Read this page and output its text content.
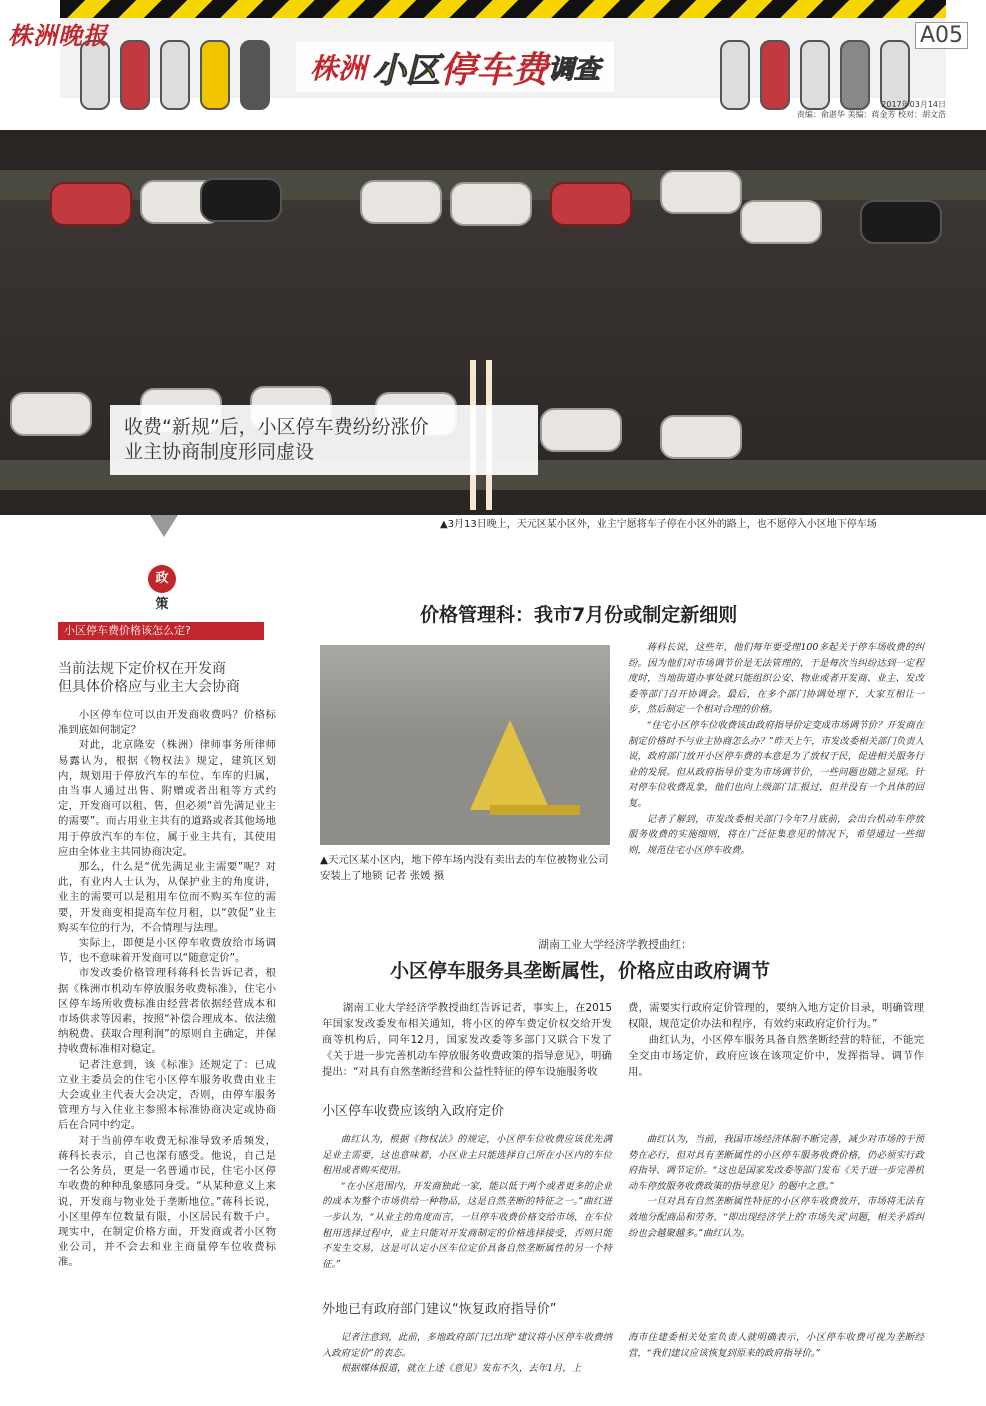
株洲晚报	A05
株洲 小区 停车费 调查
2017年03月14日
责编：俞湛华 美编：蒋金芳 校对：胡文浩

收费“新规”后，小区停车费纷纷涨价

业主协商制度形同虚设

▲3月13日晚上，天元区某小区外，业主宁愿将车子停在小区外的路上，也不愿停入小区地下停车场
政
策
小区停车费价格该怎么定?
当前法规下定价权在开发商
但具体价格应与业主大会协商

小区停车位可以由开发商收费吗？价格标准到底如何制定？

对此，北京隆安（株洲）律师事务所律师易露认为，根据《物权法》规定，建筑区划内，规划用于停放汽车的车位、车库的归属，由当事人通过出售、附赠或者出租等方式约定，开发商可以租、售，但必须“首先满足业主的需要”。而占用业主共有的道路或者其他场地用于停放汽车的车位，属于业主共有，其使用应由全体业主共同协商决定。

那么，什么是“优先满足业主需要”呢？对此，有业内人士认为，从保护业主的角度讲，业主的需要可以是租用车位而不购买车位的需要，开发商变相提高车位月租，以“敦促”业主购买车位的行为，不合情理与法理。

实际上，即便是小区停车收费放给市场调节，也不意味着开发商可以“随意定价”。

市发改委价格管理科蒋科长告诉记者，根据《株洲市机动车停放服务收费标准》，住宅小区停车场所收费标准由经营者依据经营成本和市场供求等因素，按照“补偿合理成本、依法缴纳税费、获取合理利润”的原则自主确定，并保持收费标准相对稳定。

记者注意到，该《标准》还规定了：已成立业主委员会的住宅小区停车服务收费由业主大会或业主代表大会决定，否则，由停车服务管理方与入住业主参照本标准协商决定或协商后在合同中约定。

对于当前停车收费无标准导致矛盾频发，蒋科长表示，自己也深有感受。他说，自己是一名公务员，更是一名普通市民，住宅小区停车收费的种种乱象感同身受。“从某种意义上来说，开发商与物业处于垄断地位。”蒋科长说，小区里停车位数量有限，小区居民有数千户。现实中，在制定价格方面，开发商或者小区物业公司，并不会去和业主商量停车位收费标准。

价格管理科：我市7月份或制定新细则
▲天元区某小区内，地下停车场内没有卖出去的车位被物业公司安装上了地锁 记者 张媛 摄

蒋科长说，这些年，他们每年要受理100多起关于停车场收费的纠纷。因为他们对市场调节价是无法管理的，于是每次当纠纷达到一定程度时，当地街道办事处就只能组织公安、物业或者开发商、业主、发改委等部门召开协调会。最后，在多个部门协调处理下，大家互相让一步，然后制定一个相对合理的价格。

“住宅小区停车位收费该由政府指导价定变成市场调节价？开发商在制定价格时不与业主协商怎么办？”昨天上午，市发改委相关部门负责人说，政府部门放开小区停车费的本意是为了放权于民，促进相关服务行业的发展。但从政府指导价变为市场调节价，一些问题也随之显现。针对停车位收费乱象，他们也向上级部门汇报过，但并没有一个具体的回复。

记者了解到，市发改委相关部门今年7月底前，会出台机动车停放服务收费的实施细则，将在广泛征集意见的情况下，希望通过一些细则，规范住宅小区停车收费。

湖南工业大学经济学教授曲红：
小区停车服务具垄断属性，价格应由政府调节

湖南工业大学经济学教授曲红告诉记者，事实上，在2015年国家发改委发布相关通知，将小区的停车费定价权交给开发商等机构后，同年12月，国家发改委等多部门又联合下发了《关于进一步完善机动车停放服务收费政策的指导意见》，明确提出：“对具有自然垄断经营和公益性特征的停车设施服务收

费，需要实行政府定价管理的，要纳入地方定价目录，明确管理权限，规范定价办法和程序，有效约束政府定价行为。”

曲红认为，小区停车服务具备自然垄断经营的特征，不能完全交由市场定价，政府应该在该项定价中，发挥指导、调节作用。

小区停车收费应该纳入政府定价

曲红认为，根据《物权法》的规定，小区停车位收费应该优先满足业主需要，这也意味着，小区业主只能选择自己所在小区内的车位租用或者购买使用。

“在小区范围内，开发商独此一家，能以低于两个或者更多的企业的成本为整个市场供给一种物品，这是自然垄断的特征之一。”曲红进一步认为，“从业主的角度而言，一旦停车收费价格交给市场，在车位租用选择过程中，业主只能对开发商制定的价格选择接受，否则只能不发生交易，这是可认定小区车位定价具备自然垄断属性的另一个特征。”

曲红认为，当前，我国市场经济体制不断完善，减少对市场的干预势在必行，但对具有垄断属性的小区停车服务收费价格，仍必须实行政府指导、调节定价。“这也是国家发改委等部门发布《关于进一步完善机动车停放服务收费政策的指导意见》的题中之意。”

一旦对具有自然垄断属性特征的小区停车收费放开，市场将无法有效地分配商品和劳务，“即出现经济学上的‘市场失灵’问题，相关矛盾纠纷也会越聚越多。”曲红认为。

外地已有政府部门建议“恢复政府指导价”

记者注意到，此前，多地政府部门已出现“建议将小区停车收费纳入政府定价”的表态。

根据媒体报道，就在上述《意见》发布不久，去年1月，上

海市住建委相关处室负责人就明确表示，小区停车收费可视为垄断经营，“我们建议应该恢复到原来的政府指导价。”
